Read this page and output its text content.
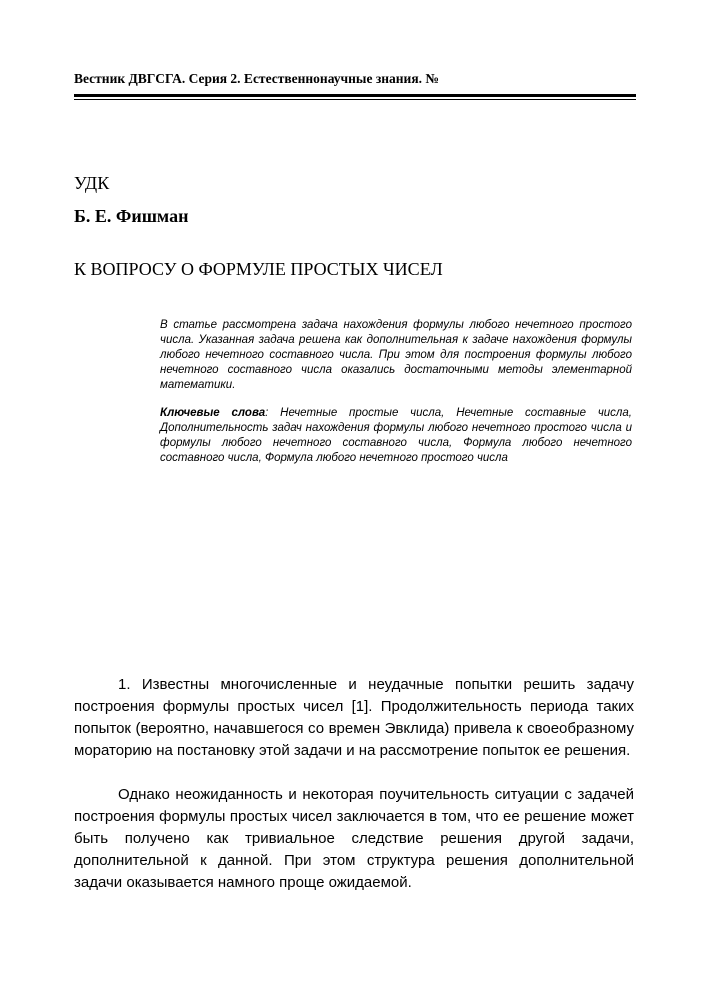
Вестник ДВГСГА. Серия 2. Естественнонаучные знания. №
УДК
Б. Е. Фишман
К ВОПРОСУ О ФОРМУЛЕ ПРОСТЫХ ЧИСЕЛ
В статье рассмотрена задача нахождения формулы любого нечетного простого числа. Указанная задача решена как дополнительная к задаче нахождения формулы любого нечетного составного числа. При этом для построения формулы любого нечетного составного числа оказались достаточными методы элементарной математики.
Ключевые слова: Нечетные простые числа, Нечетные составные числа, Дополнительность задач нахождения формулы любого нечетного простого числа и формулы любого нечетного составного числа, Формула любого нечетного составного числа, Формула любого нечетного простого числа
1. Известны многочисленные и неудачные попытки решить задачу построения формулы простых чисел [1]. Продолжительность периода таких попыток (вероятно, начавшегося со времен Эвклида) привела к своеобразному мораторию на постановку этой задачи и на рассмотрение попыток ее решения.
Однако неожиданность и некоторая поучительность ситуации с задачей построения формулы простых чисел заключается в том, что ее решение может быть получено как тривиальное следствие решения другой задачи, дополнительной к данной. При этом структура решения дополнительной задачи оказывается намного проще ожидаемой.
